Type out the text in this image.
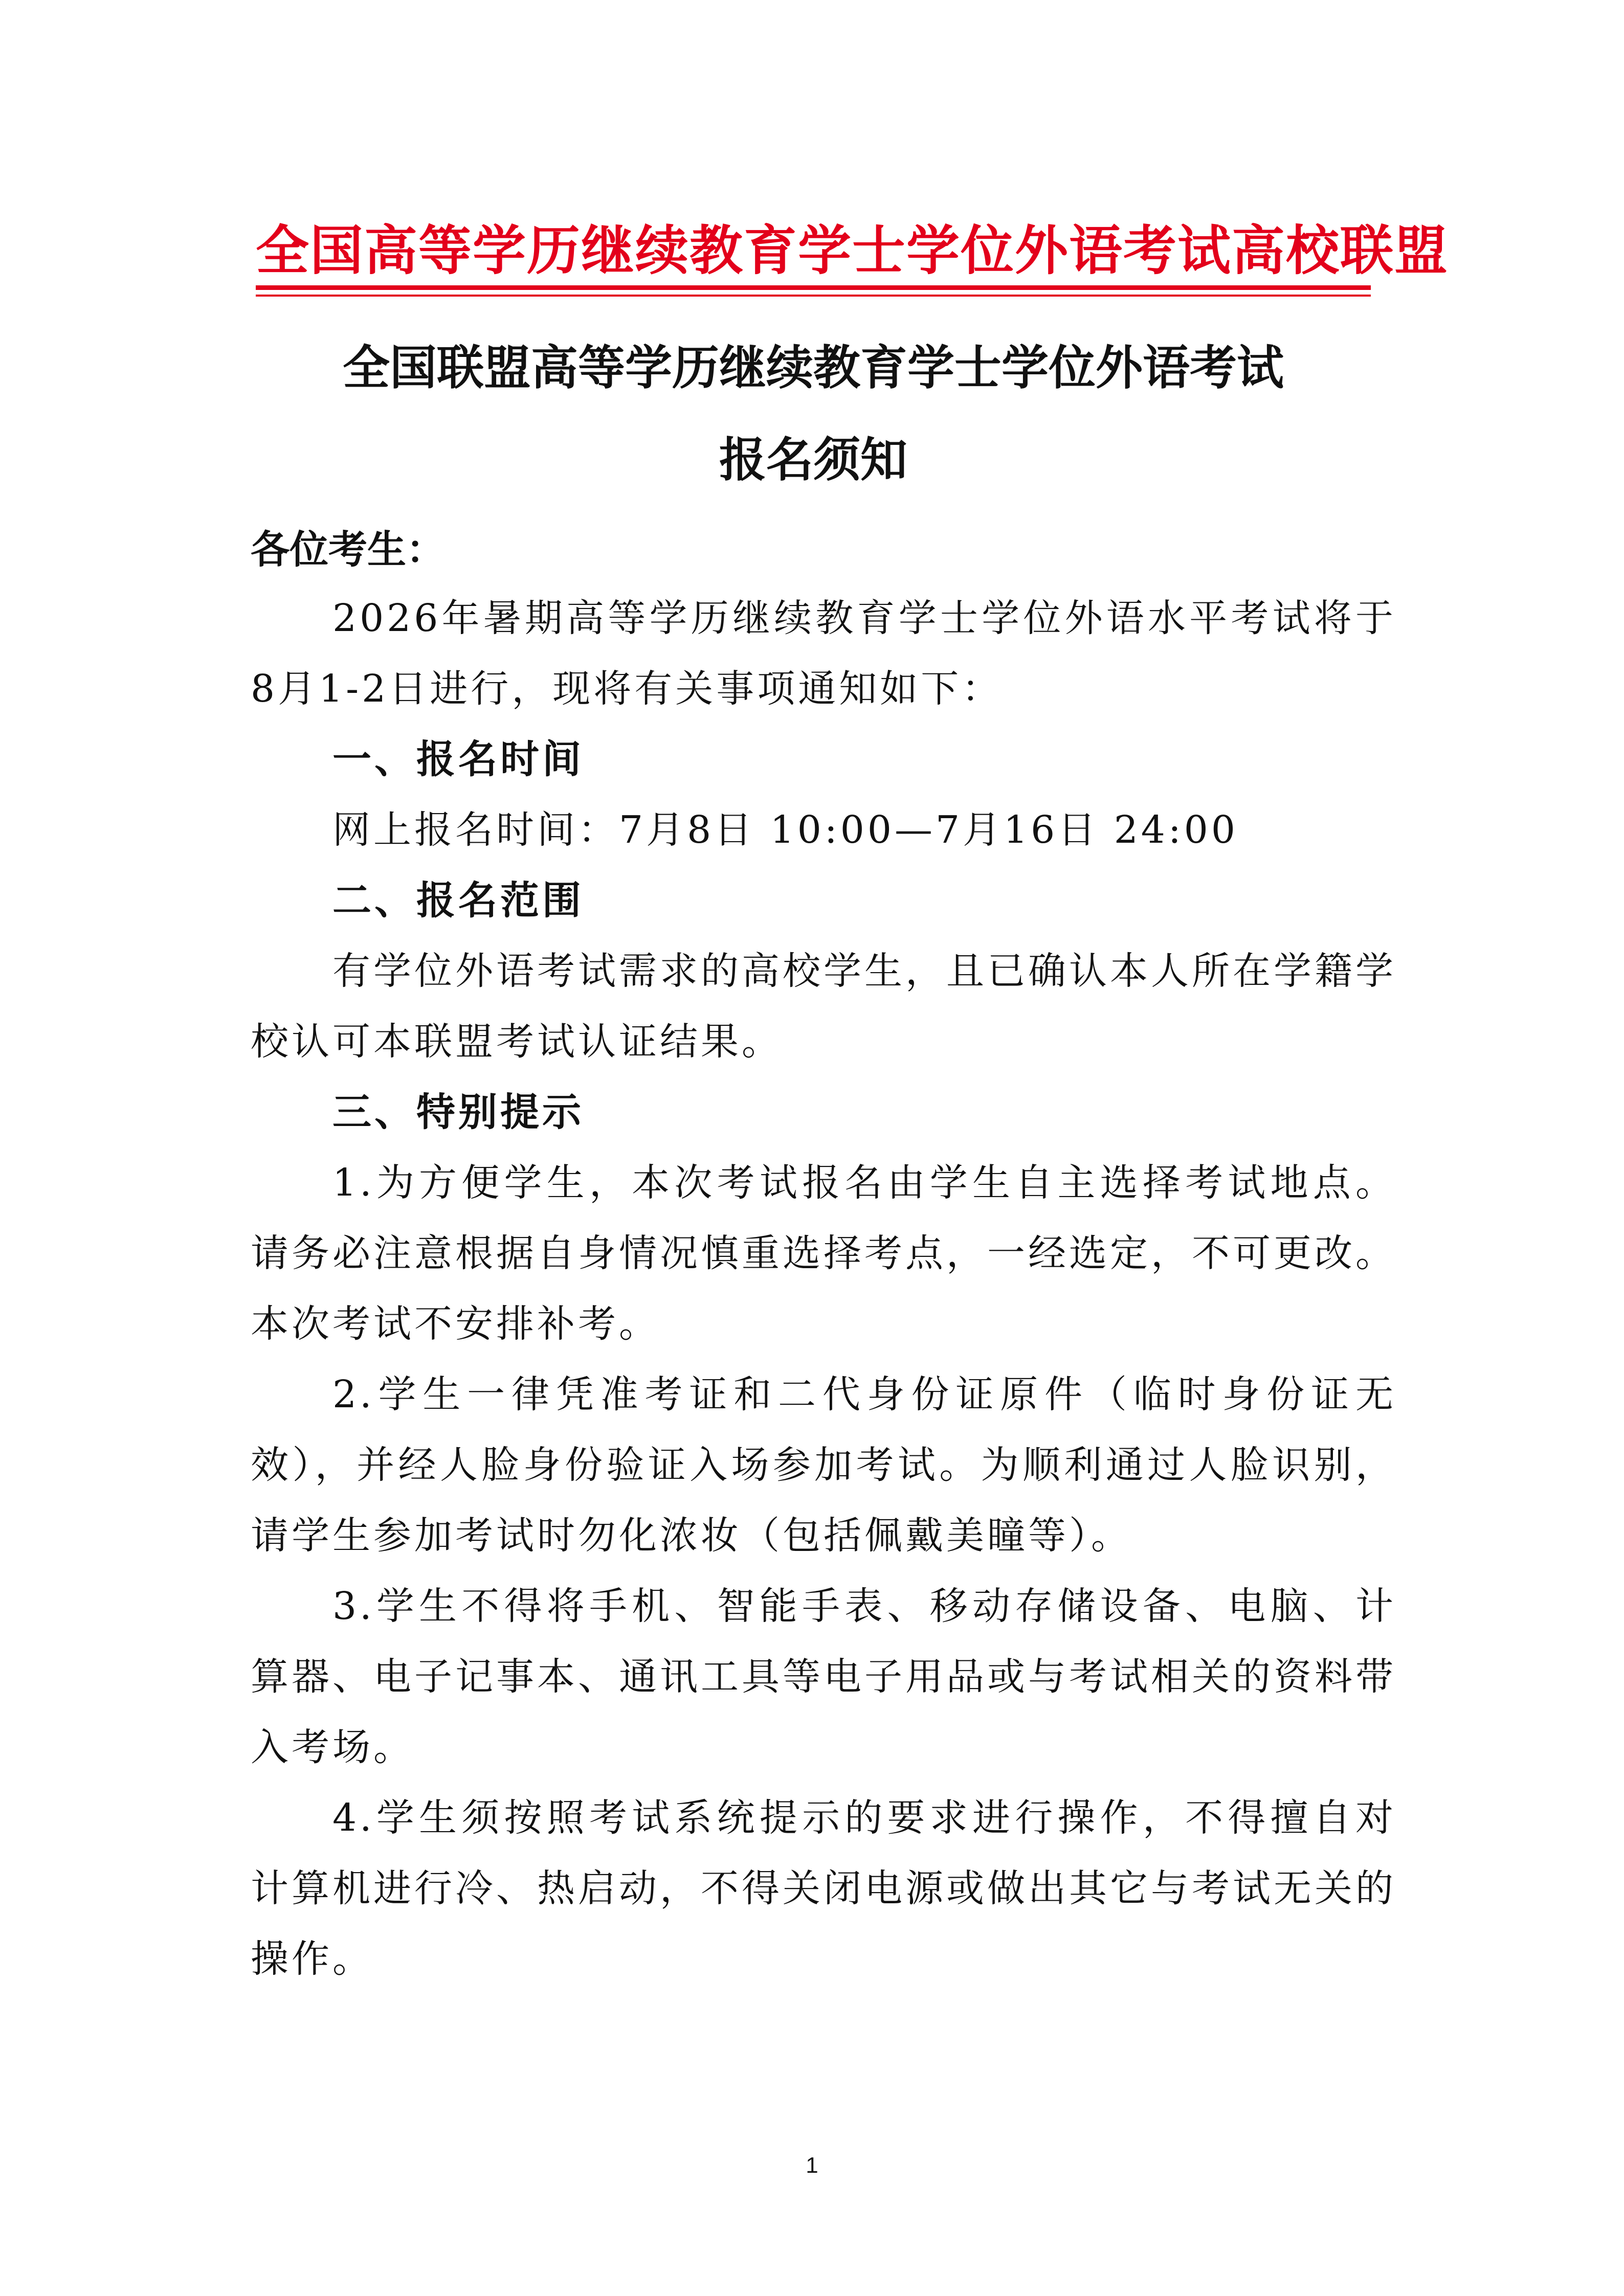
全国高等学历继续教育学士学位外语考试高校联盟
全国联盟高等学历继续教育学士学位外语考试
报名须知
各位考生：

2026年暑期高等学历继续教育学士学位外语水平考试将于8月1-2日进行，现将有关事项通知如下：

一、报名时间

网上报名时间：7月8日 10:00—7月16日 24:00

二、报名范围

有学位外语考试需求的高校学生，且已确认本人所在学籍学校认可本联盟考试认证结果。

三、特别提示

1.为方便学生，本次考试报名由学生自主选择考试地点。请务必注意根据自身情况慎重选择考点，一经选定，不可更改。本次考试不安排补考。

2.学生一律凭准考证和二代身份证原件（临时身份证无效），并经人脸身份验证入场参加考试。为顺利通过人脸识别，请学生参加考试时勿化浓妆（包括佩戴美瞳等）。

3.学生不得将手机、智能手表、移动存储设备、电脑、计算器、电子记事本、通讯工具等电子用品或与考试相关的资料带入考场。

4.学生须按照考试系统提示的要求进行操作，不得擅自对计算机进行冷、热启动，不得关闭电源或做出其它与考试无关的操作。

1
